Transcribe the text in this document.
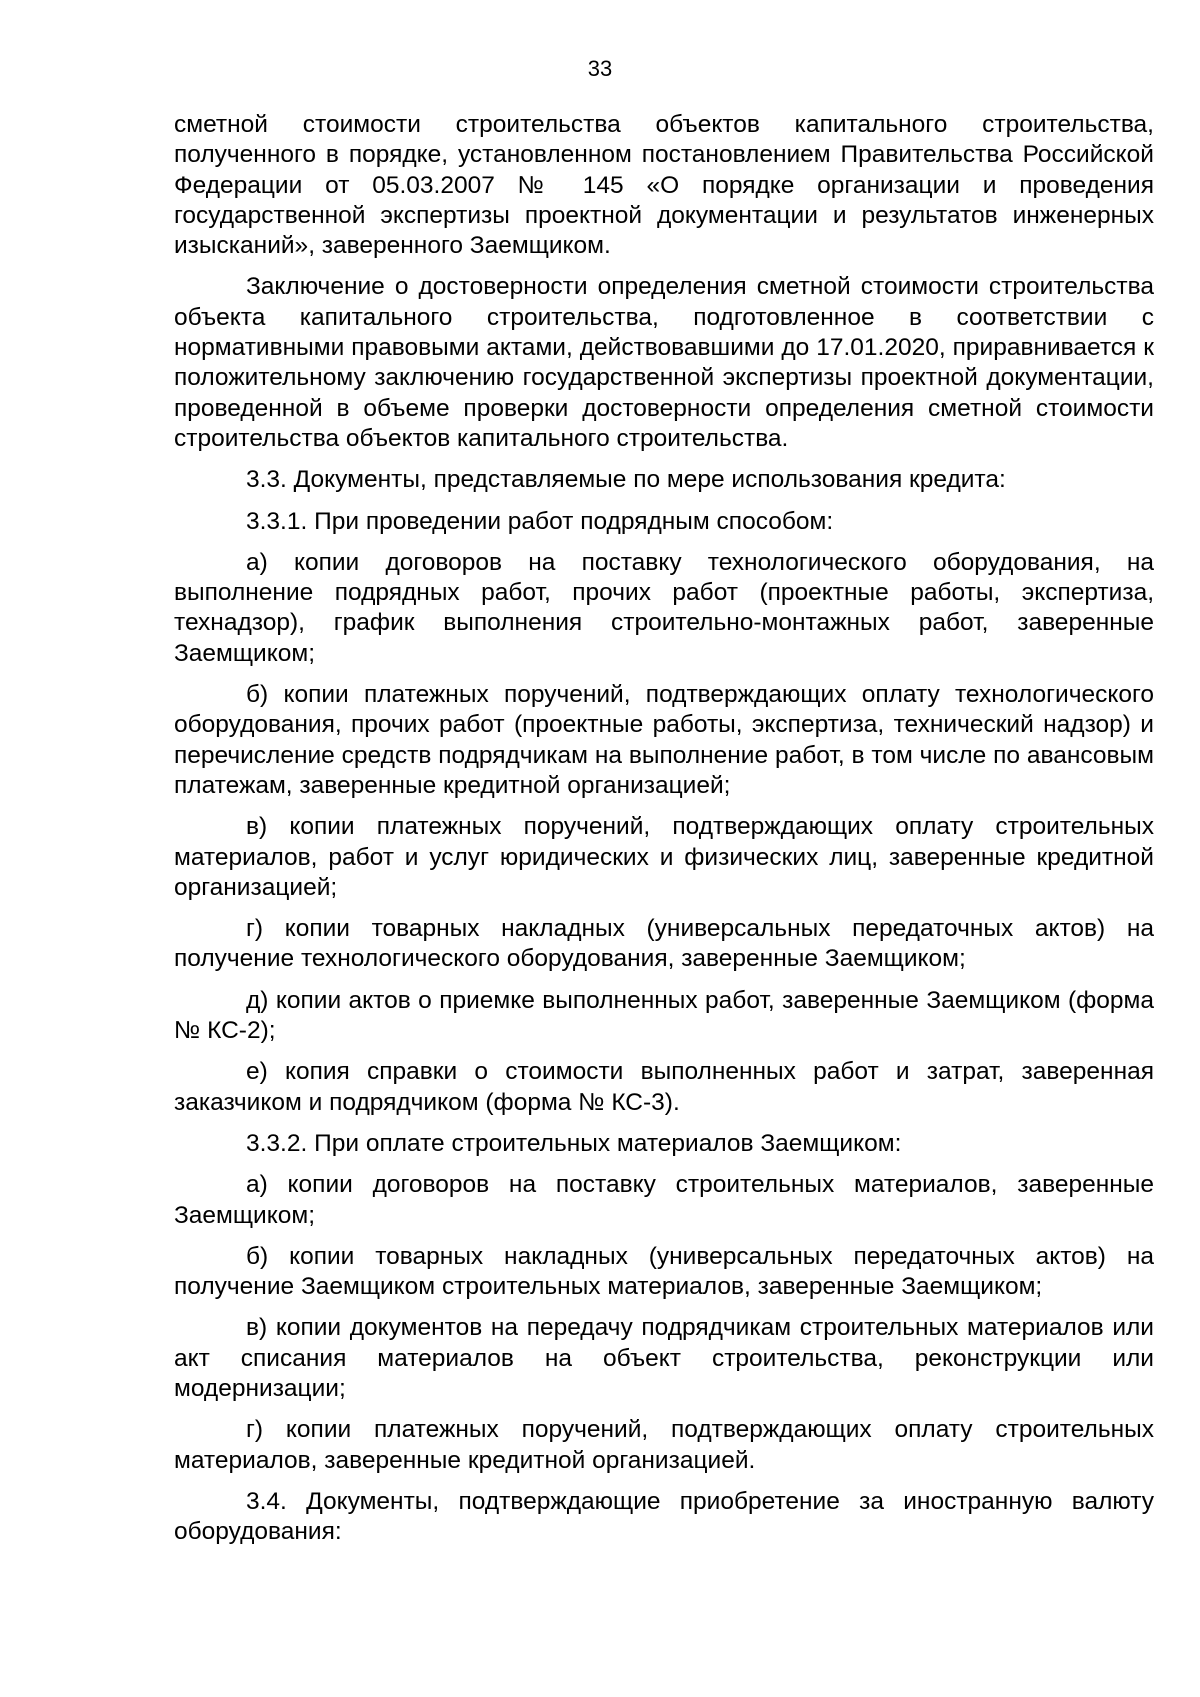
33

сметной стоимости строительства объектов капитального строительства, полученного в порядке, установленном постановлением Правительства Российской Федерации от 05.03.2007 № 145 «О порядке организации и проведения государственной экспертизы проектной документации и результатов инженерных изысканий», заверенного Заемщиком.

Заключение о достоверности определения сметной стоимости строительства объекта капитального строительства, подготовленное в соответствии с нормативными правовыми актами, действовавшими до 17.01.2020, приравнивается к положительному заключению государственной экспертизы проектной документации, проведенной в объеме проверки достоверности определения сметной стоимости строительства объектов капитального строительства.

3.3. Документы, представляемые по мере использования кредита:

3.3.1. При проведении работ подрядным способом:

а) копии договоров на поставку технологического оборудования, на выполнение подрядных работ, прочих работ (проектные работы, экспертиза, технадзор), график выполнения строительно-монтажных работ, заверенные Заемщиком;

б) копии платежных поручений, подтверждающих оплату технологического оборудования, прочих работ (проектные работы, экспертиза, технический надзор) и перечисление средств подрядчикам на выполнение работ, в том числе по авансовым платежам, заверенные кредитной организацией;

в) копии платежных поручений, подтверждающих оплату строительных материалов, работ и услуг юридических и физических лиц, заверенные кредитной организацией;

г) копии товарных накладных (универсальных передаточных актов) на получение технологического оборудования, заверенные Заемщиком;

д) копии актов о приемке выполненных работ, заверенные Заемщиком (форма № КС-2);

е) копия справки о стоимости выполненных работ и затрат, заверенная заказчиком и подрядчиком (форма № КС-3).

3.3.2. При оплате строительных материалов Заемщиком:

а) копии договоров на поставку строительных материалов, заверенные Заемщиком;

б) копии товарных накладных (универсальных передаточных актов) на получение Заемщиком строительных материалов, заверенные Заемщиком;

в) копии документов на передачу подрядчикам строительных материалов или акт списания материалов на объект строительства, реконструкции или модернизации;

г) копии платежных поручений, подтверждающих оплату строительных материалов, заверенные кредитной организацией.

3.4. Документы, подтверждающие приобретение за иностранную валюту оборудования:
